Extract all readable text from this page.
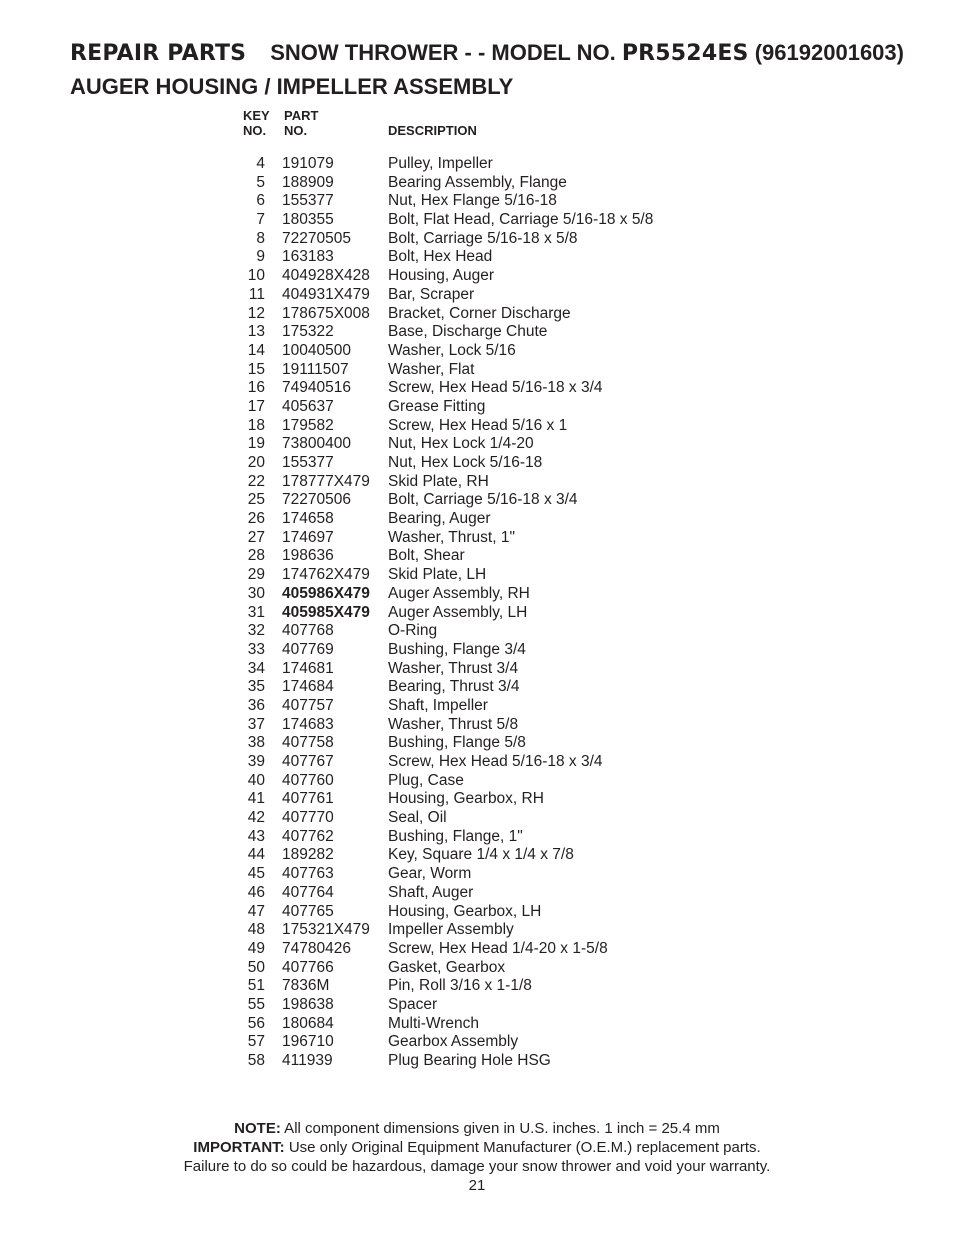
REPAIR PARTS SNOW THROWER - - MODEL NO. PR5524ES (96192001603)
AUGER HOUSING / IMPELLER ASSEMBLY
KEY
NO.
PART
NO.	DESCRIPTION
4 191079	Pulley, Impeller
5 188909	Bearing Assembly, Flange
6 155377	Nut, Hex Flange 5/16-18
7 180355	Bolt, Flat Head, Carriage 5/16-18 x 5/8
8 72270505 Bolt, Carriage 5/16-18 x 5/8
9 163183	Bolt, Hex Head
10 404928X428 Housing, Auger
11 404931X479 Bar, Scraper
12 178675X008 Bracket, Corner Discharge
13 175322	Base, Discharge Chute
14 10040500 Washer, Lock 5/16
15 19111507	Washer, Flat
16 74940516 Screw, Hex Head 5/16-18 x 3/4
17 405637	Grease Fitting
18 179582	Screw, Hex Head 5/16 x 1
19 73800400 Nut, Hex Lock 1/4-20
20 155377	Nut, Hex Lock 5/16-18
22 178777X479 Skid Plate, RH
25 72270506 Bolt, Carriage 5/16-18 x 3/4
26 174658	Bearing, Auger
27 174697	Washer, Thrust, 1"
28 198636	Bolt, Shear
29 174762X479 Skid Plate, LH
30 405986X479 Auger Assembly, RH
31 405985X479 Auger Assembly, LH
32 407768	O-Ring
33 407769	Bushing, Flange 3/4
34 174681	Washer, Thrust 3/4
35 174684	Bearing, Thrust 3/4
36 407757	Shaft, Impeller
37 174683	Washer, Thrust 5/8
38 407758	Bushing, Flange 5/8
39 407767	Screw, Hex Head 5/16-18 x 3/4
40 407760	Plug, Case
41 407761	Housing, Gearbox, RH
42 407770	Seal, Oil
43 407762	Bushing, Flange, 1"
44 189282	Key, Square 1/4 x 1/4 x 7/8
45 407763	Gear, Worm
46 407764	Shaft, Auger
47 407765	Housing, Gearbox, LH
48 175321X479 Impeller Assembly
49 74780426 Screw, Hex Head 1/4-20 x 1-5/8
50 407766	Gasket, Gearbox
51 7836M	Pin, Roll 3/16 x 1-1/8
55 198638	Spacer
56 180684	Multi-Wrench
57 196710	Gearbox Assembly
58 411939	Plug Bearing Hole HSG
NOTE: All component dimensions given in U.S. inches. 1 inch = 25.4 mm
IMPORTANT: Use only Original Equipment Manufacturer (O.E.M.) replacement parts.
Failure to do so could be hazardous, damage your snow thrower and void your warranty.
21
